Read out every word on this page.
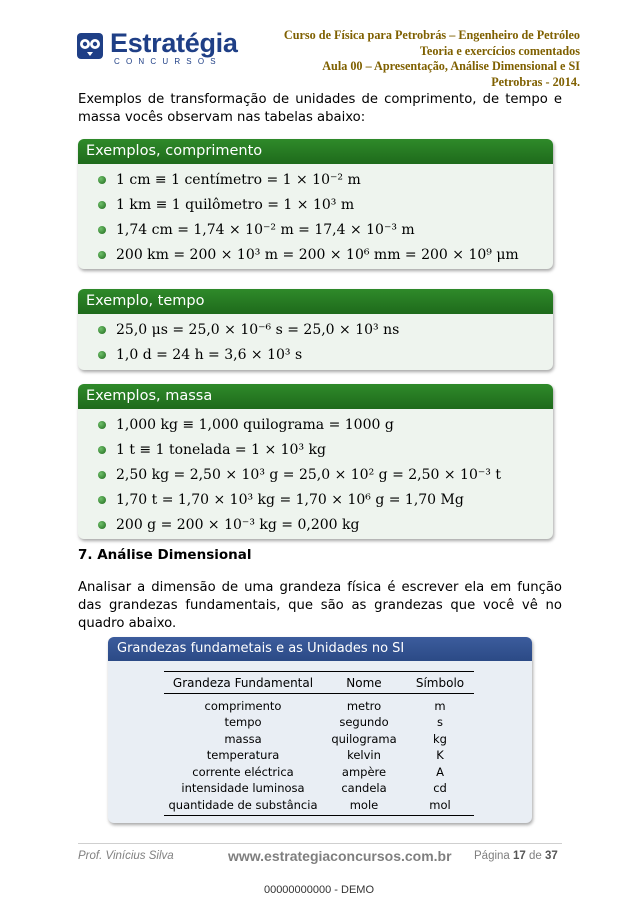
Estratégia
CONCURSOS
Curso de Física para Petrobrás – Engenheiro de Petróleo
Teoria e exercícios comentados
Aula 00 – Apresentação, Análise Dimensional e SI
Petrobras - 2014.

Exemplos de transformação de unidades de comprimento, de tempo e massa vocês observam nas tabelas abaixo:

Exemplos, comprimento
1 cm ≡ 1 centímetro = 1 × 10⁻² m
1 km ≡ 1 quilômetro = 1 × 10³ m
1,74 cm = 1,74 × 10⁻² m = 17,4 × 10⁻³ m
200 km = 200 × 10³ m = 200 × 10⁶ mm = 200 × 10⁹ μm
Exemplo, tempo
25,0 μs = 25,0 × 10⁻⁶ s = 25,0 × 10³ ns
1,0 d = 24 h = 3,6 × 10³ s
Exemplos, massa
1,000 kg ≡ 1,000 quilograma = 1000 g
1 t ≡ 1 tonelada = 1 × 10³ kg
2,50 kg = 2,50 × 10³ g = 25,0 × 10² g = 2,50 × 10⁻³ t
1,70 t = 1,70 × 10³ kg = 1,70 × 10⁶ g = 1,70 Mg
200 g = 200 × 10⁻³ kg = 0,200 kg
7. Análise Dimensional

Analisar a dimensão de uma grandeza física é escrever ela em função das grandezas fundamentais, que são as grandezas que você vê no quadro abaixo.

Grandezas fundametais e as Unidades no SI
Grandeza Fundamental	Nome	Símbolo
comprimento	metro	m
tempo	segundo	s
massa	quilograma	kg
temperatura	kelvin	K
corrente eléctrica	ampère	A
intensidade luminosa	candela	cd
quantidade de substância	mole	mol
Prof. Vinícius Silva	www.estrategiaconcursos.com.br Página 17 de 37
00000000000 - DEMO
